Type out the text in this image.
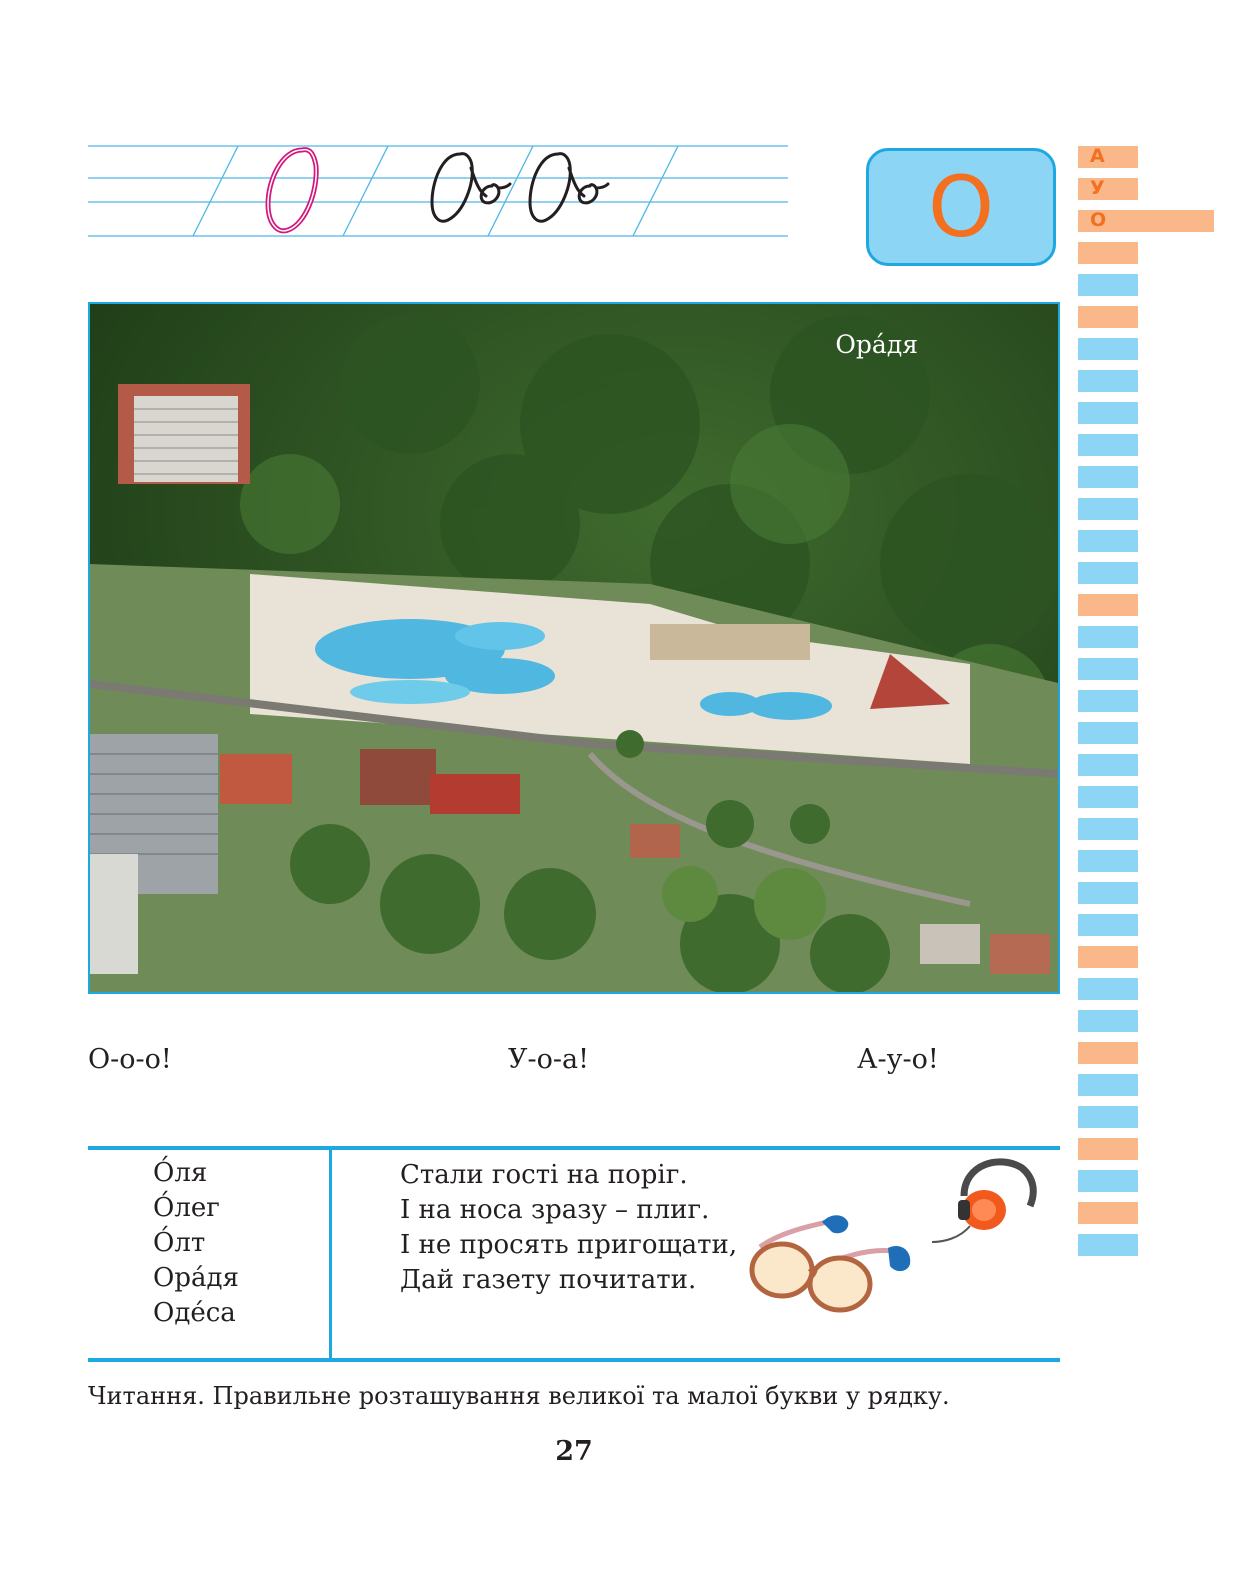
О
А
У
О
Ора́дя
О-о-о!	У-о-а!	А-у-о!
О́ля
О́лег
О́лт
Ора́дя
Оде́са
Стали гості на поріг.
І на носа зразу – плиг.
І не просять пригощати,
Дай газету почитати.
Читання. Правильне розташування великої та малої букви у рядку.
27
